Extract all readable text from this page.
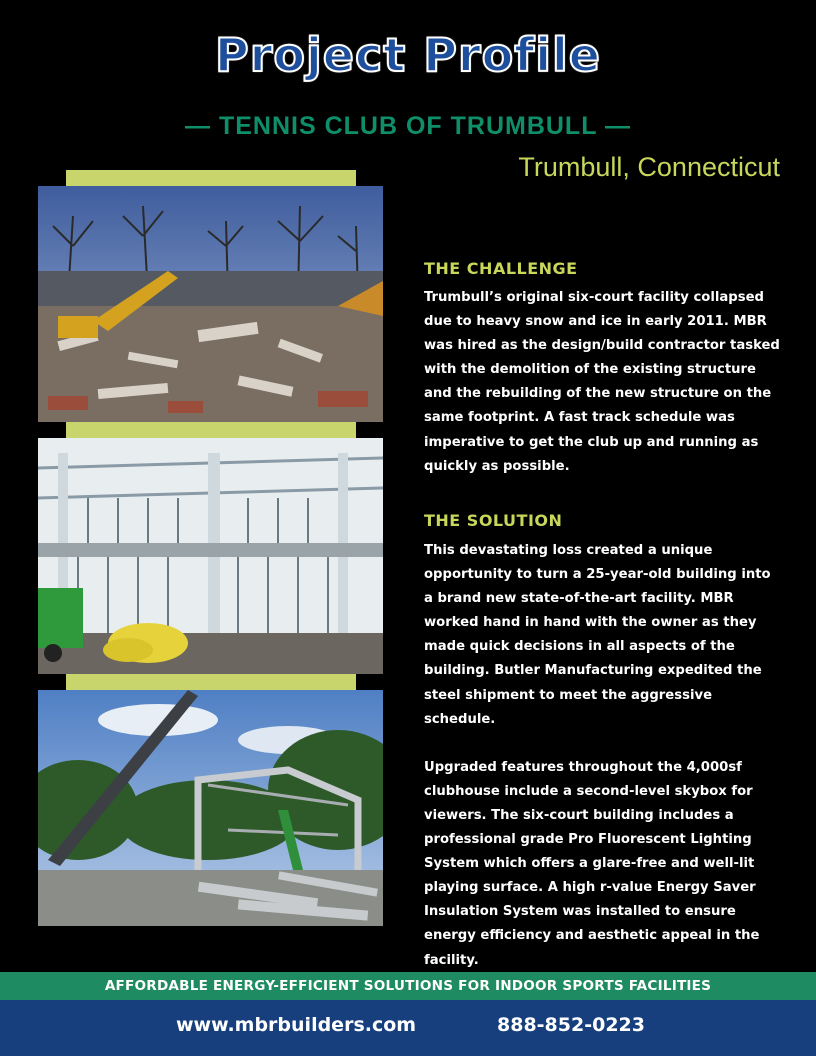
Project Profile
— TENNIS CLUB OF TRUMBULL —
Trumbull, Connecticut
THE CHALLENGE

Trumbull’s original six-court facility collapsed due to heavy snow and ice in early 2011. MBR was hired as the design/build contractor tasked with the demolition of the existing structure and the rebuilding of the new structure on the same footprint. A fast track schedule was imperative to get the club up and running as quickly as possible.

THE SOLUTION

This devastating loss created a unique opportunity to turn a 25-year-old building into a brand new state-of-the-art facility. MBR worked hand in hand with the owner as they made quick decisions in all aspects of the building. Butler Manufacturing expedited the steel shipment to meet the aggressive schedule.

Upgraded features throughout the 4,000sf clubhouse include a second-level skybox for viewers. The six-court building includes a professional grade Pro Fluorescent Lighting System which offers a glare-free and well-lit playing surface. A high r-value Energy Saver Insulation System was installed to ensure energy efficiency and aesthetic appeal in the facility.

AFFORDABLE ENERGY-EFFICIENT SOLUTIONS FOR INDOOR SPORTS FACILITIES
www.mbrbuilders.com	888-852-0223
